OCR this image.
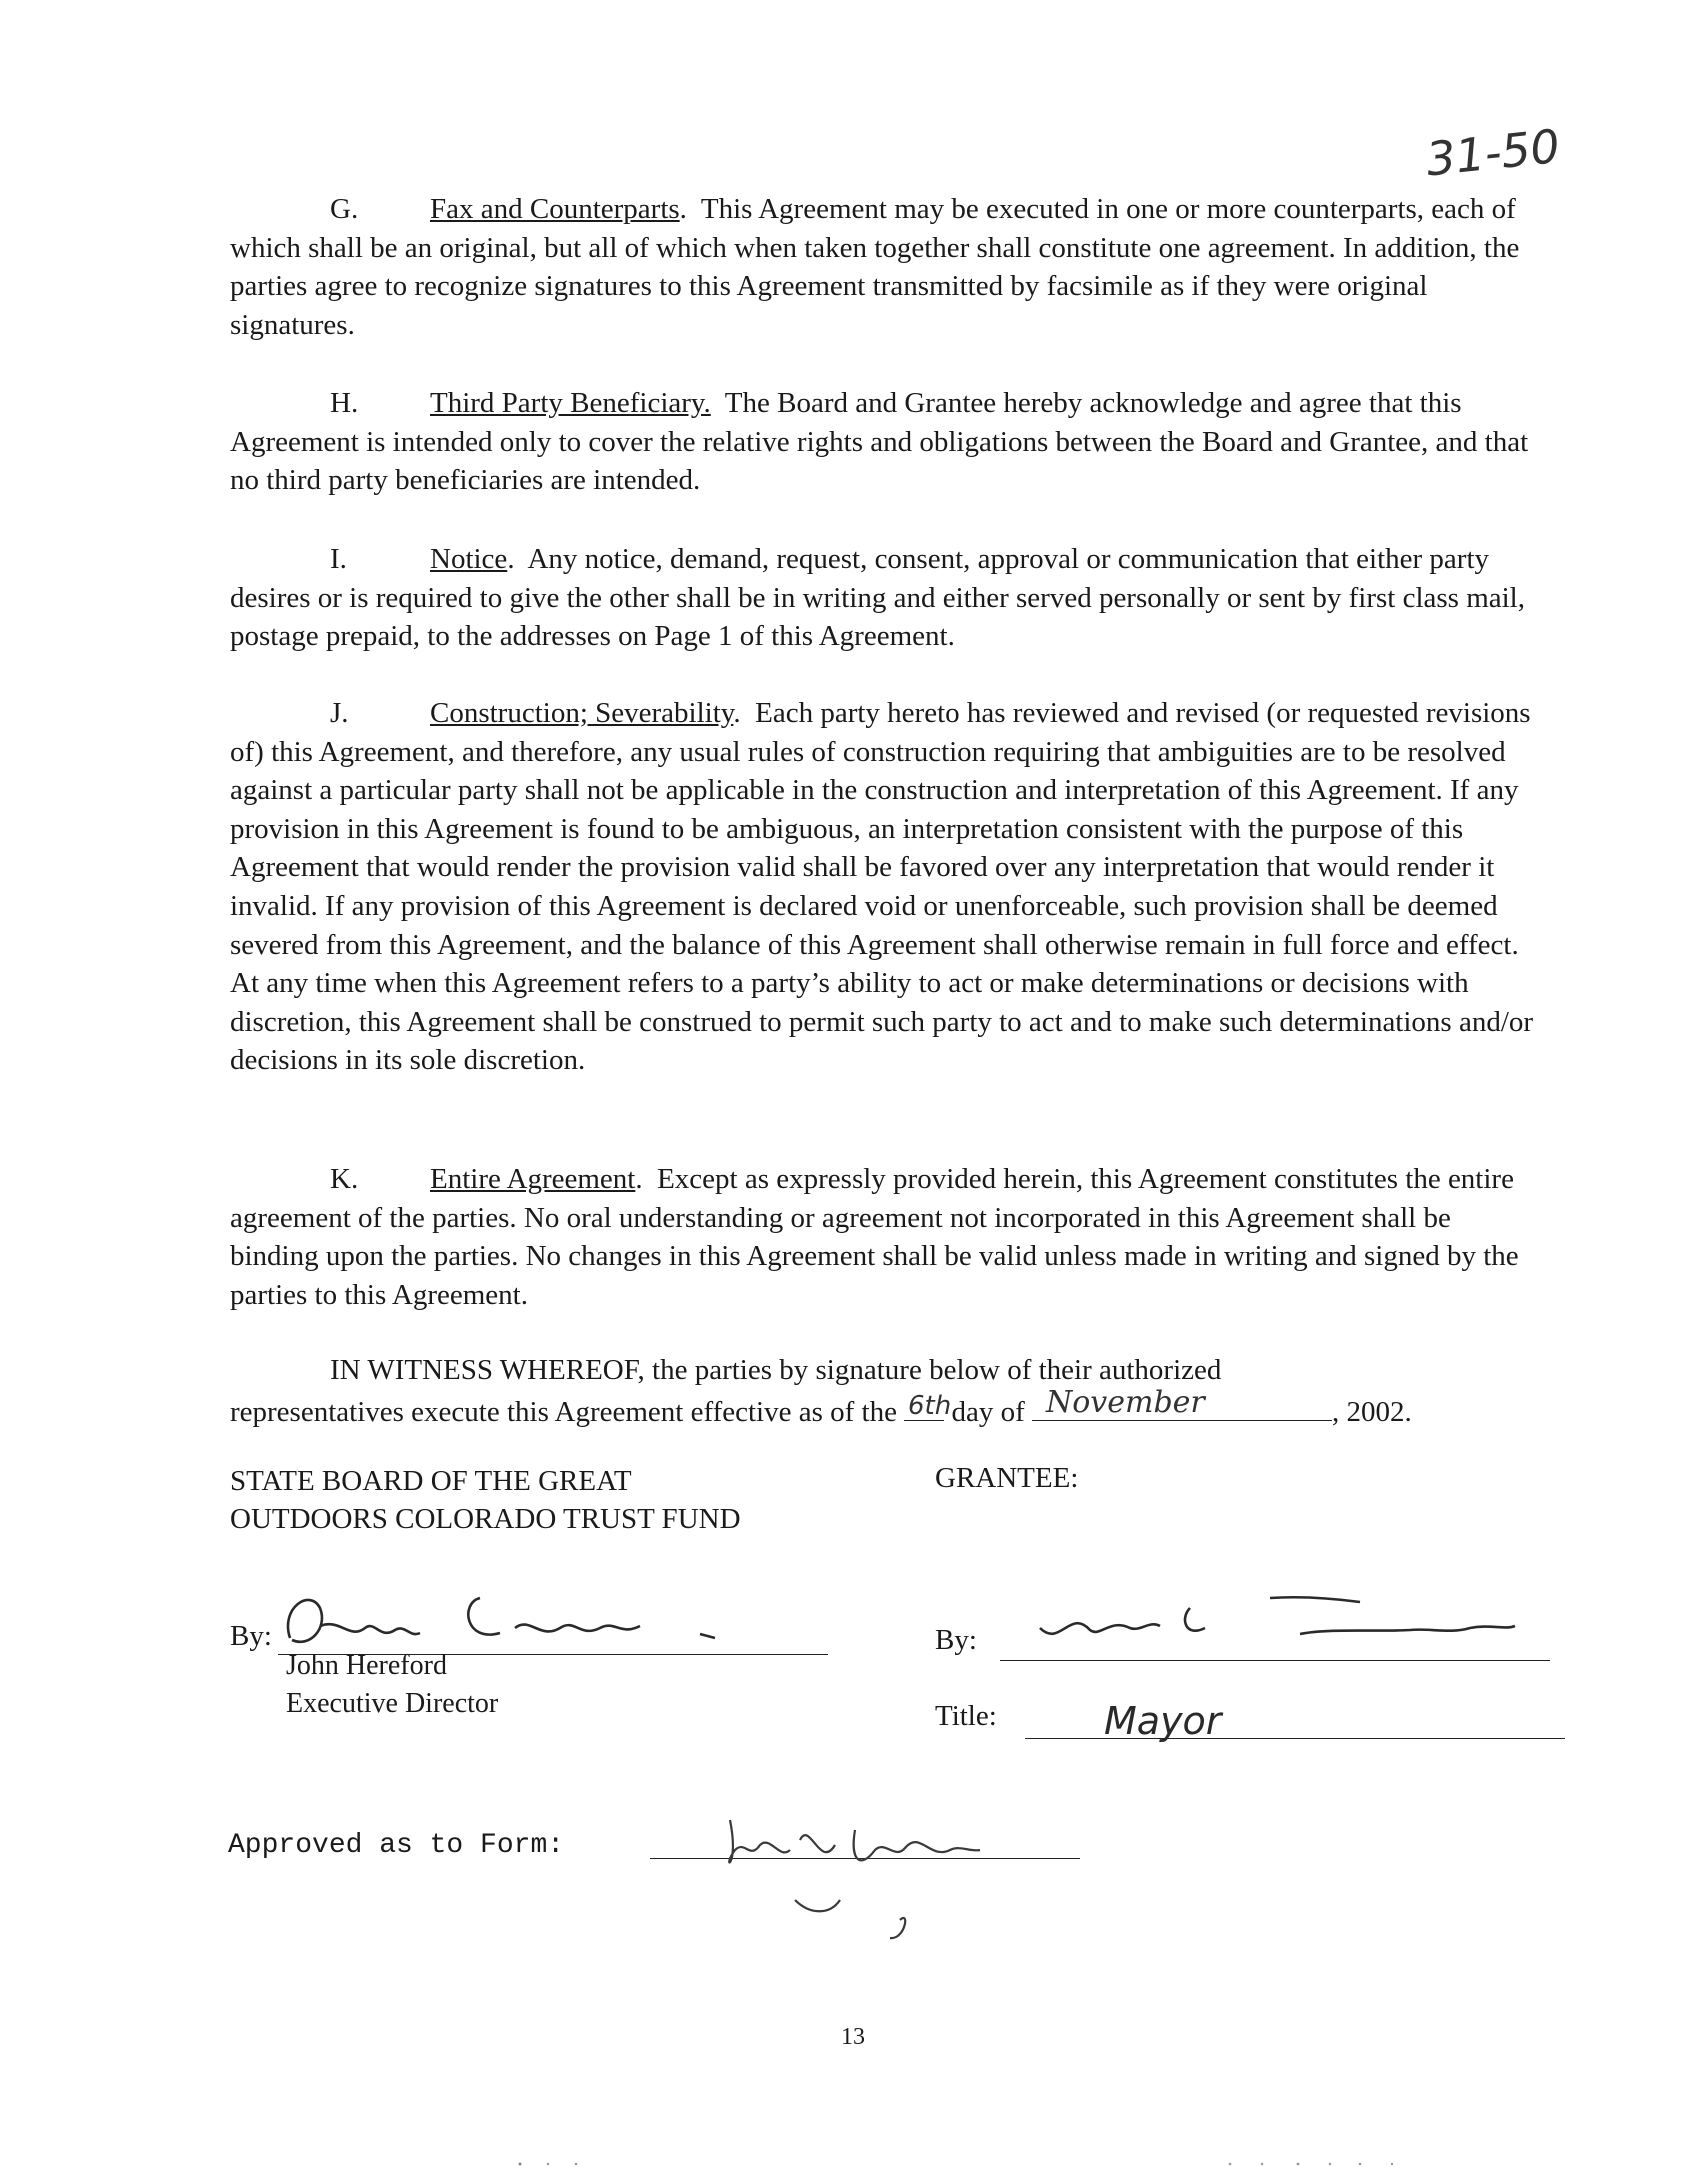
31-50
G. Fax and Counterparts. This Agreement may be executed in one or more counterparts, each of which shall be an original, but all of which when taken together shall constitute one agreement. In addition, the parties agree to recognize signatures to this Agreement transmitted by facsimile as if they were original signatures.
H. Third Party Beneficiary. The Board and Grantee hereby acknowledge and agree that this Agreement is intended only to cover the relative rights and obligations between the Board and Grantee, and that no third party beneficiaries are intended.
I.	Notice. Any notice, demand, request, consent, approval or communication that either party desires or is required to give the other shall be in writing and either served personally or sent by first class mail, postage prepaid, to the addresses on Page 1 of this Agreement.
J.	Construction; Severability. Each party hereto has reviewed and revised (or requested revisions of) this Agreement, and therefore, any usual rules of construction requiring that ambiguities are to be resolved against a particular party shall not be applicable in the construction and interpretation of this Agreement. If any provision in this Agreement is found to be ambiguous, an interpretation consistent with the purpose of this Agreement that would render the provision valid shall be favored over any interpretation that would render it invalid. If any provision of this Agreement is declared void or unenforceable, such provision shall be deemed severed from this Agreement, and the balance of this Agreement shall otherwise remain in full force and effect. At any time when this Agreement refers to a party’s ability to act or make determinations or decisions with discretion, this Agreement shall be construed to permit such party to act and to make such determinations and/or decisions in its sole discretion.
K. Entire Agreement. Except as expressly provided herein, this Agreement constitutes the entire agreement of the parties. No oral understanding or agreement not incorporated in this Agreement shall be binding upon the parties. No changes in this Agreement shall be valid unless made in writing and signed by the parties to this Agreement.
IN WITNESS WHEREOF, the parties by signature below of their authorized
representatives execute this Agreement effective as of the 6th day of November	, 2002.
STATE BOARD OF THE GREAT
OUTDOORS COLORADO TRUST FUND
By:
Diane Gansauer
John Hereford
Executive Director
GRANTEE:
By:
Paul E. Jansen
Title:	Mayor
Approved as to Form:
Julie J. Wecker
13
